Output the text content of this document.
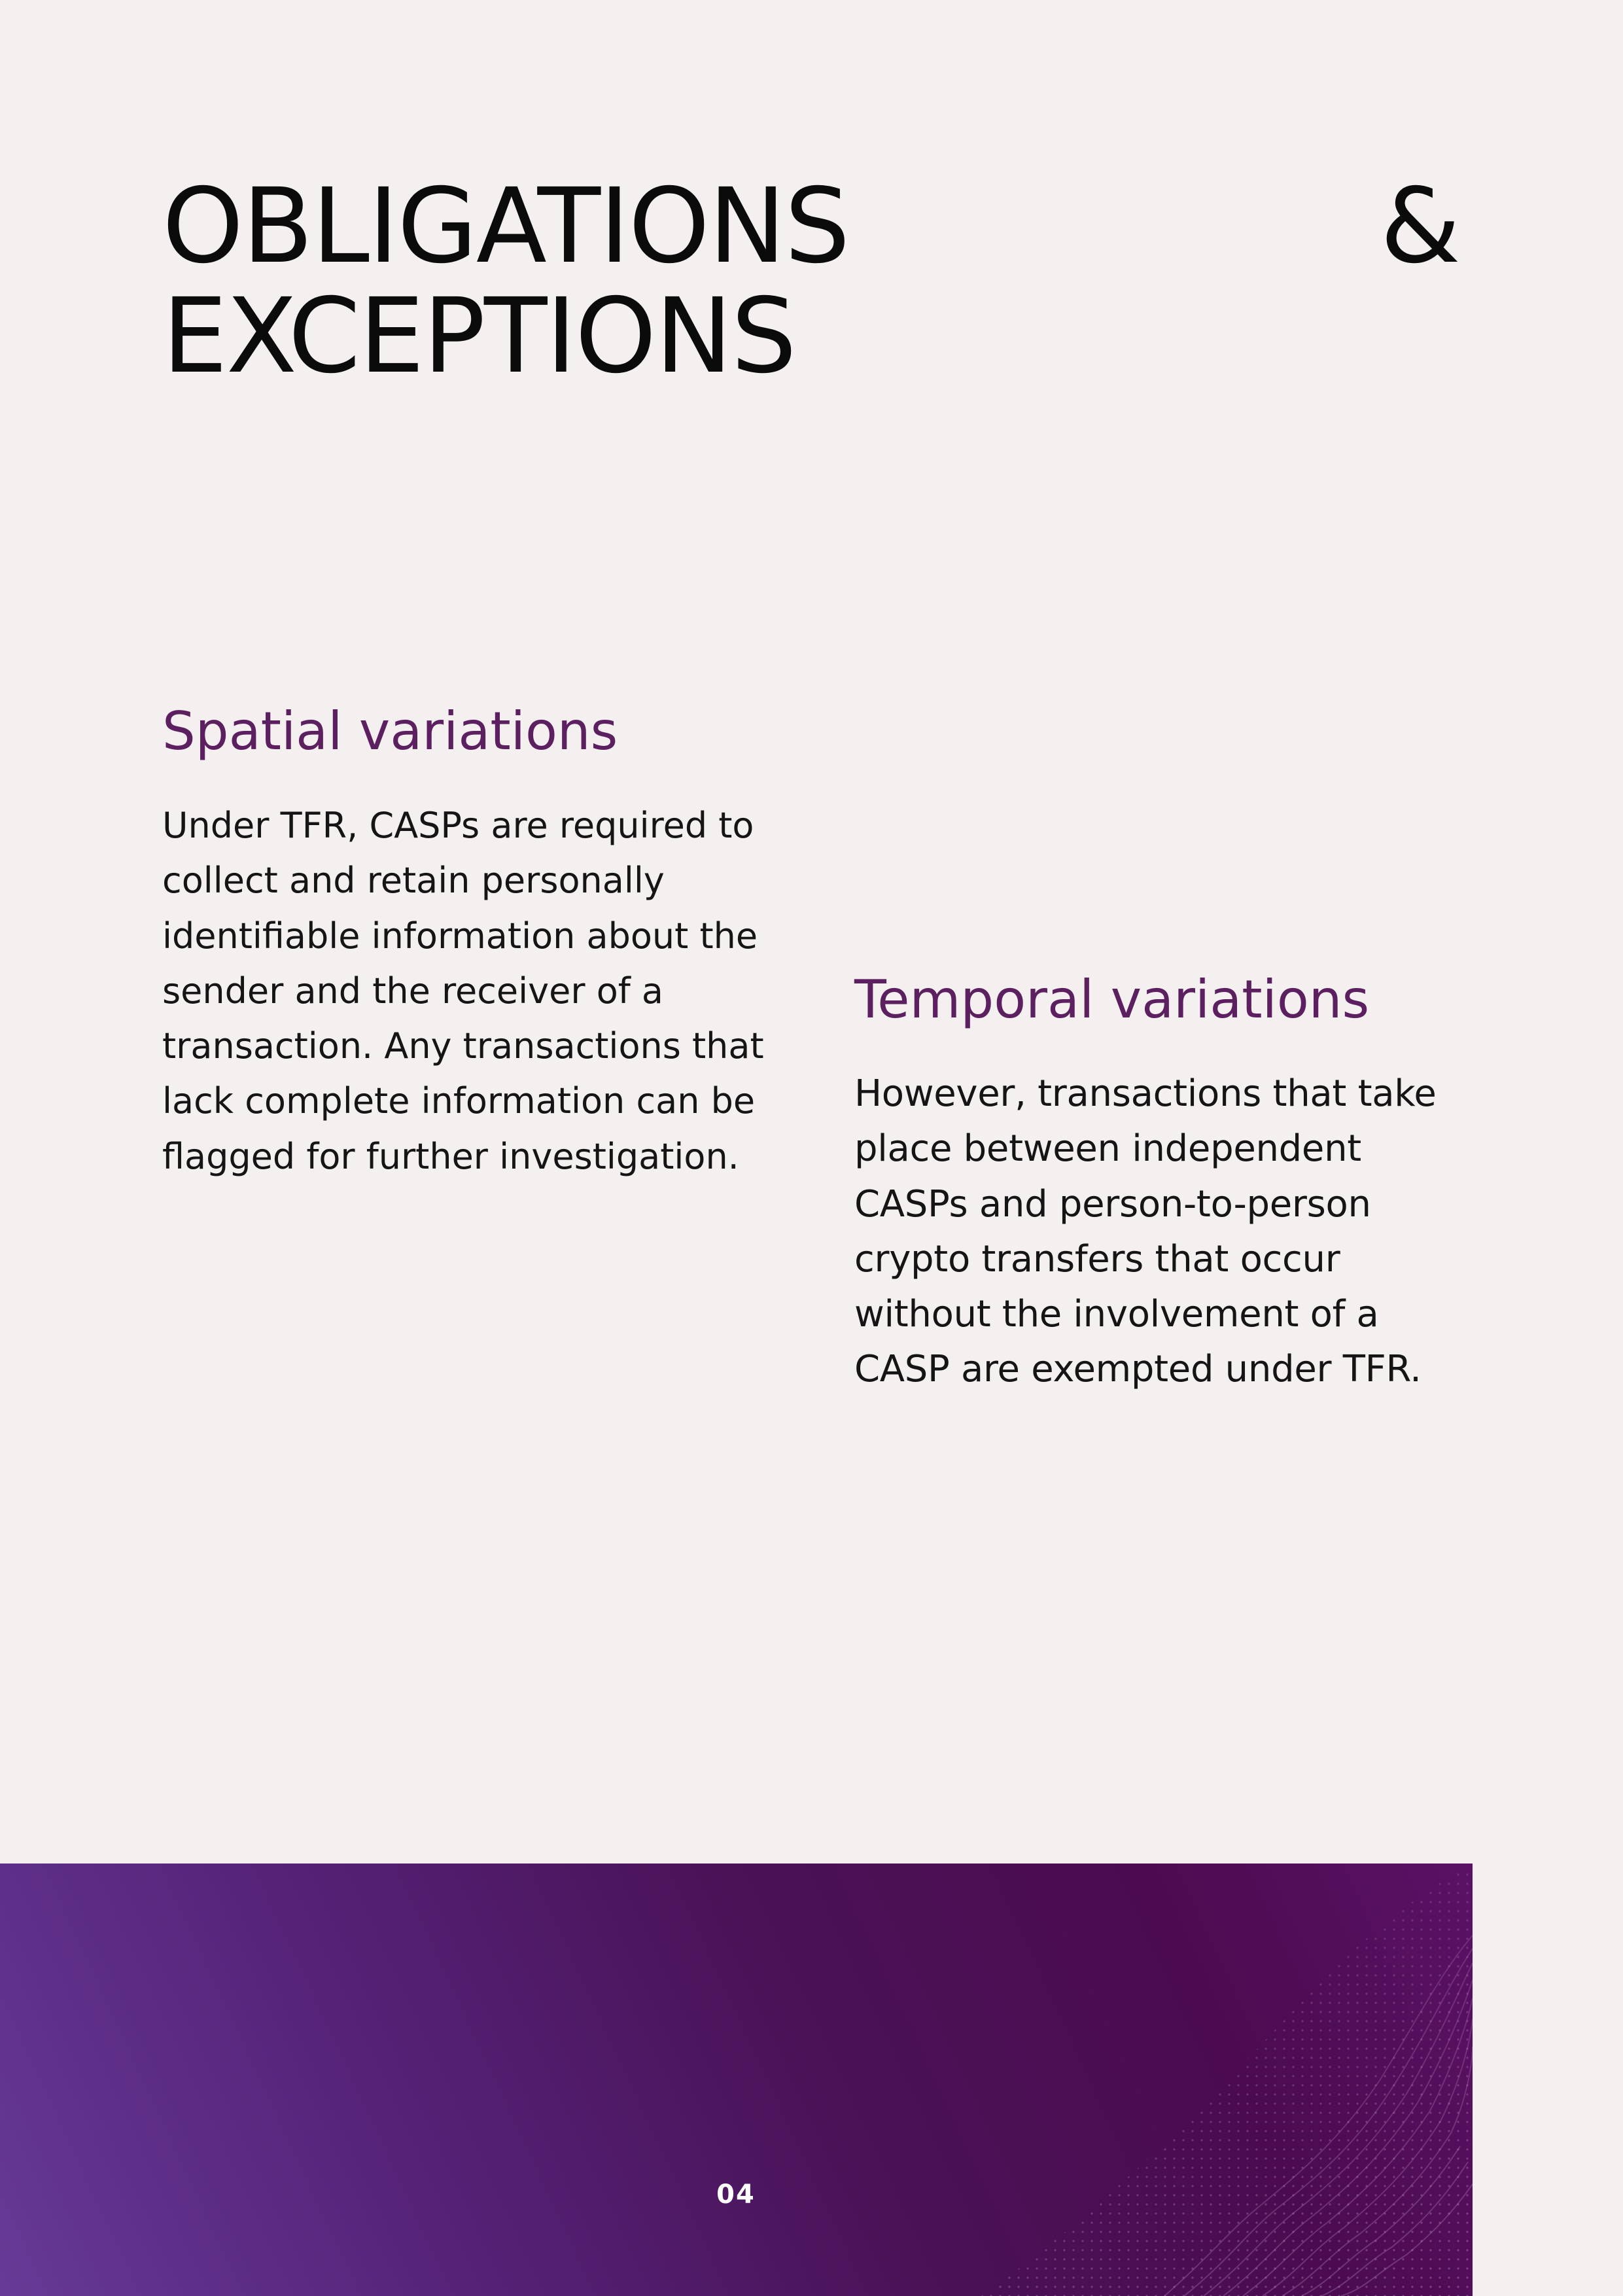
OBLIGATIONS	&
EXCEPTIONS
Spatial variations

Under TFR, CASPs are required to
collect and retain personally
identifiable information about the
sender and the receiver of a
transaction. Any transactions that
lack complete information can be
flagged for further investigation.

Temporal variations

However, transactions that take
place between independent
CASPs and person-to-person
crypto transfers that occur
without the involvement of a
CASP are exempted under TFR.

04
